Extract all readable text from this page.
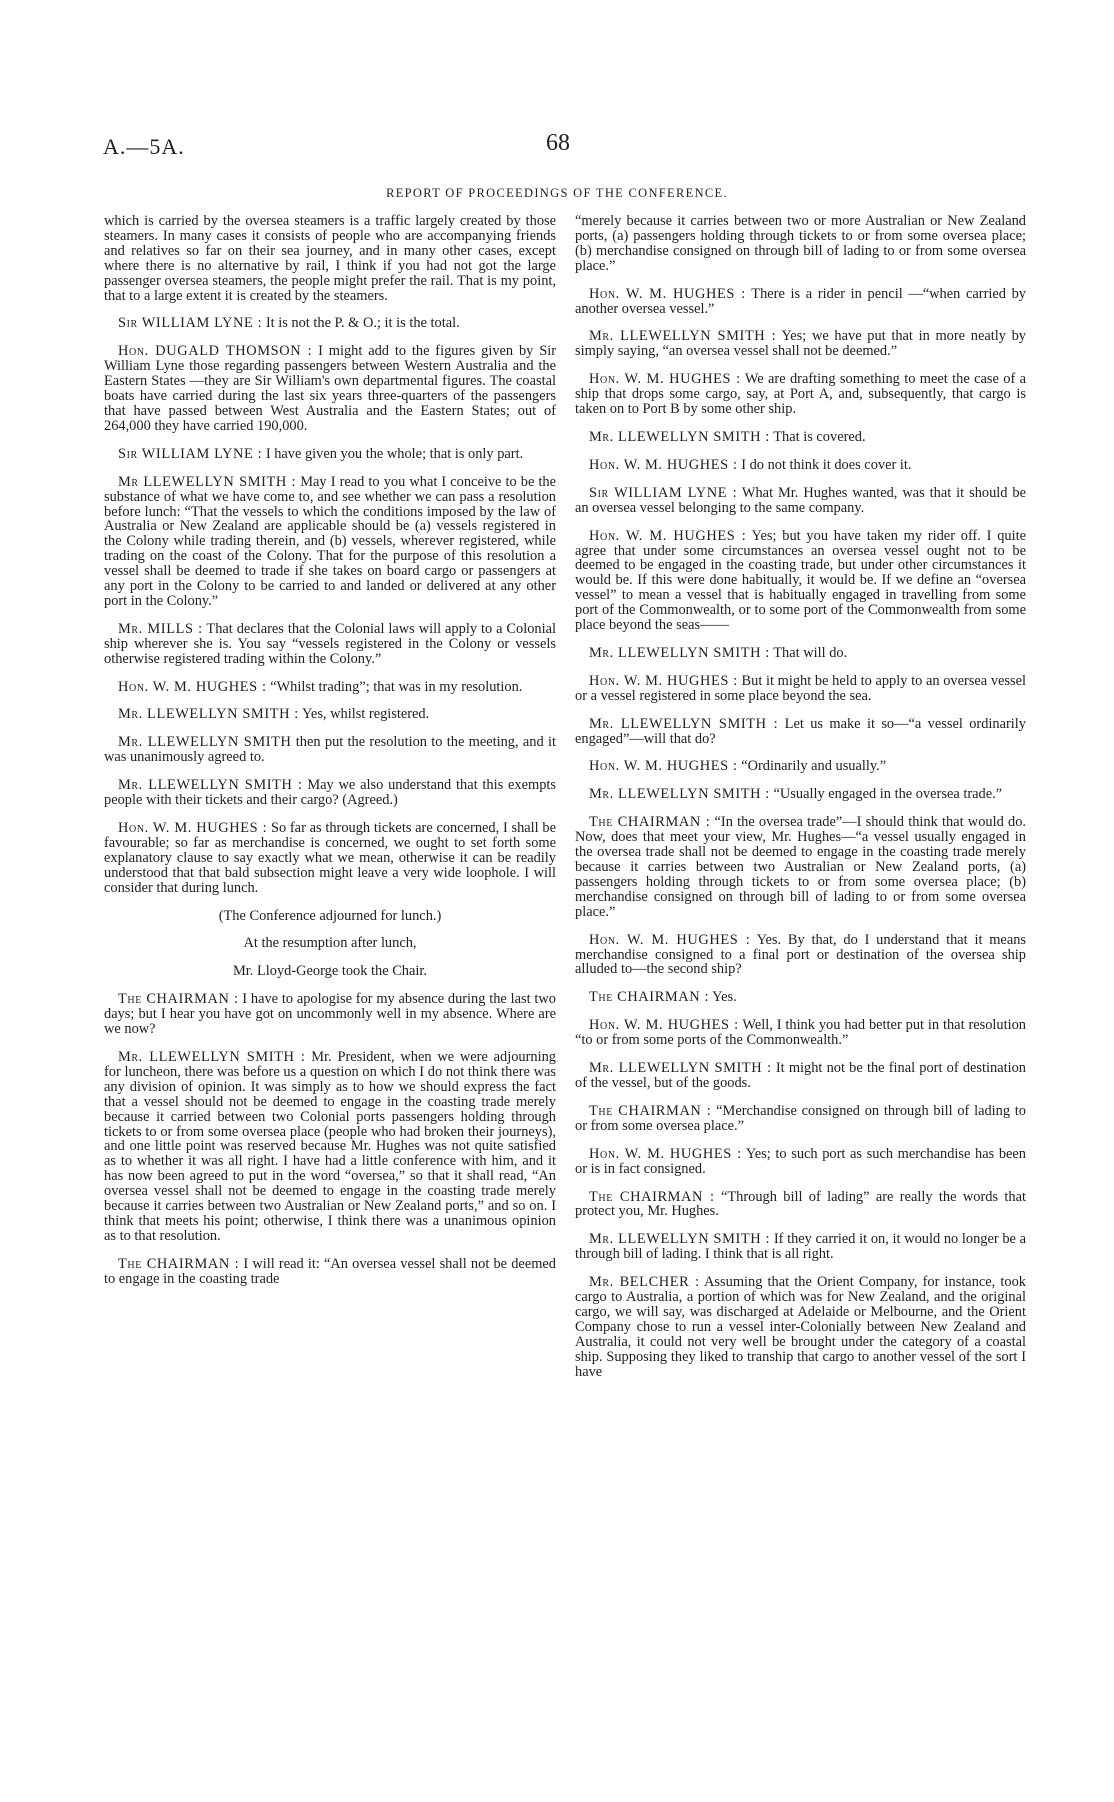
A.—5A.	68
REPORT OF PROCEEDINGS OF THE CONFERENCE.

which is carried by the oversea steamers is a traffic largely created by those steamers. In many cases it consists of people who are accompanying friends and relatives so far on their sea journey, and in many other cases, except where there is no alternative by rail, I think if you had not got the large passenger oversea steamers, the people might prefer the rail. That is my point, that to a large extent it is created by the steamers.

Sir WILLIAM LYNE : It is not the P. & O.; it is the total.

Hon. DUGALD THOMSON : I might add to the figures given by Sir William Lyne those regarding passengers between Western Australia and the Eastern States —they are Sir William's own departmental figures. The coastal boats have carried during the last six years three-quarters of the passengers that have passed between West Australia and the Eastern States; out of 264,000 they have carried 190,000.

Sir WILLIAM LYNE : I have given you the whole; that is only part.

Mr LLEWELLYN SMITH : May I read to you what I conceive to be the substance of what we have come to, and see whether we can pass a resolution before lunch: “That the vessels to which the conditions imposed by the law of Australia or New Zealand are applicable should be (a) vessels registered in the Colony while trading therein, and (b) vessels, wherever registered, while trading on the coast of the Colony. That for the purpose of this resolution a vessel shall be deemed to trade if she takes on board cargo or passengers at any port in the Colony to be carried to and landed or delivered at any other port in the Colony.”

Mr. MILLS : That declares that the Colonial laws will apply to a Colonial ship wherever she is. You say “vessels registered in the Colony or vessels otherwise registered trading within the Colony.”

Hon. W. M. HUGHES : “Whilst trading”; that was in my resolution.

Mr. LLEWELLYN SMITH : Yes, whilst registered.

Mr. LLEWELLYN SMITH then put the resolution to the meeting, and it was unanimously agreed to.

Mr. LLEWELLYN SMITH : May we also understand that this exempts people with their tickets and their cargo? (Agreed.)

Hon. W. M. HUGHES : So far as through tickets are concerned, I shall be favourable; so far as merchandise is concerned, we ought to set forth some explanatory clause to say exactly what we mean, otherwise it can be readily understood that that bald subsection might leave a very wide loophole. I will consider that during lunch.

(The Conference adjourned for lunch.)

At the resumption after lunch,

Mr. Lloyd-George took the Chair.

The CHAIRMAN : I have to apologise for my absence during the last two days; but I hear you have got on uncommonly well in my absence. Where are we now?

Mr. LLEWELLYN SMITH : Mr. President, when we were adjourning for luncheon, there was before us a question on which I do not think there was any division of opinion. It was simply as to how we should express the fact that a vessel should not be deemed to engage in the coasting trade merely because it carried between two Colonial ports passengers holding through tickets to or from some oversea place (people who had broken their journeys), and one little point was reserved because Mr. Hughes was not quite satisfied as to whether it was all right. I have had a little conference with him, and it has now been agreed to put in the word “oversea,” so that it shall read, “An oversea vessel shall not be deemed to engage in the coasting trade merely because it carries between two Australian or New Zealand ports,” and so on. I think that meets his point; otherwise, I think there was a unanimous opinion as to that resolution.

The CHAIRMAN : I will read it: “An oversea vessel shall not be deemed to engage in the coasting trade

“merely because it carries between two or more Australian or New Zealand ports, (a) passengers holding through tickets to or from some oversea place; (b) merchandise consigned on through bill of lading to or from some oversea place.”

Hon. W. M. HUGHES : There is a rider in pencil —“when carried by another oversea vessel.”

Mr. LLEWELLYN SMITH : Yes; we have put that in more neatly by simply saying, “an oversea vessel shall not be deemed.”

Hon. W. M. HUGHES : We are drafting something to meet the case of a ship that drops some cargo, say, at Port A, and, subsequently, that cargo is taken on to Port B by some other ship.

Mr. LLEWELLYN SMITH : That is covered.

Hon. W. M. HUGHES : I do not think it does cover it.

Sir WILLIAM LYNE : What Mr. Hughes wanted, was that it should be an oversea vessel belonging to the same company.

Hon. W. M. HUGHES : Yes; but you have taken my rider off. I quite agree that under some circumstances an oversea vessel ought not to be deemed to be engaged in the coasting trade, but under other circumstances it would be. If this were done habitually, it would be. If we define an “oversea vessel” to mean a vessel that is habitually engaged in travelling from some port of the Commonwealth, or to some port of the Commonwealth from some place beyond the seas——

Mr. LLEWELLYN SMITH : That will do.

Hon. W. M. HUGHES : But it might be held to apply to an oversea vessel or a vessel registered in some place beyond the sea.

Mr. LLEWELLYN SMITH : Let us make it so—“a vessel ordinarily engaged”—will that do?

Hon. W. M. HUGHES : “Ordinarily and usually.”

Mr. LLEWELLYN SMITH : “Usually engaged in the oversea trade.”

The CHAIRMAN : “In the oversea trade”—I should think that would do. Now, does that meet your view, Mr. Hughes—“a vessel usually engaged in the oversea trade shall not be deemed to engage in the coasting trade merely because it carries between two Australian or New Zealand ports, (a) passengers holding through tickets to or from some oversea place; (b) merchandise consigned on through bill of lading to or from some oversea place.”

Hon. W. M. HUGHES : Yes. By that, do I understand that it means merchandise consigned to a final port or destination of the oversea ship alluded to—the second ship?

The CHAIRMAN : Yes.

Hon. W. M. HUGHES : Well, I think you had better put in that resolution “to or from some ports of the Commonwealth.”

Mr. LLEWELLYN SMITH : It might not be the final port of destination of the vessel, but of the goods.

The CHAIRMAN : “Merchandise consigned on through bill of lading to or from some oversea place.”

Hon. W. M. HUGHES : Yes; to such port as such merchandise has been or is in fact consigned.

The CHAIRMAN : “Through bill of lading” are really the words that protect you, Mr. Hughes.

Mr. LLEWELLYN SMITH : If they carried it on, it would no longer be a through bill of lading. I think that is all right.

Mr. BELCHER : Assuming that the Orient Company, for instance, took cargo to Australia, a portion of which was for New Zealand, and the original cargo, we will say, was discharged at Adelaide or Melbourne, and the Orient Company chose to run a vessel inter-Colonially between New Zealand and Australia, it could not very well be brought under the category of a coastal ship. Supposing they liked to tranship that cargo to another vessel of the sort I have
